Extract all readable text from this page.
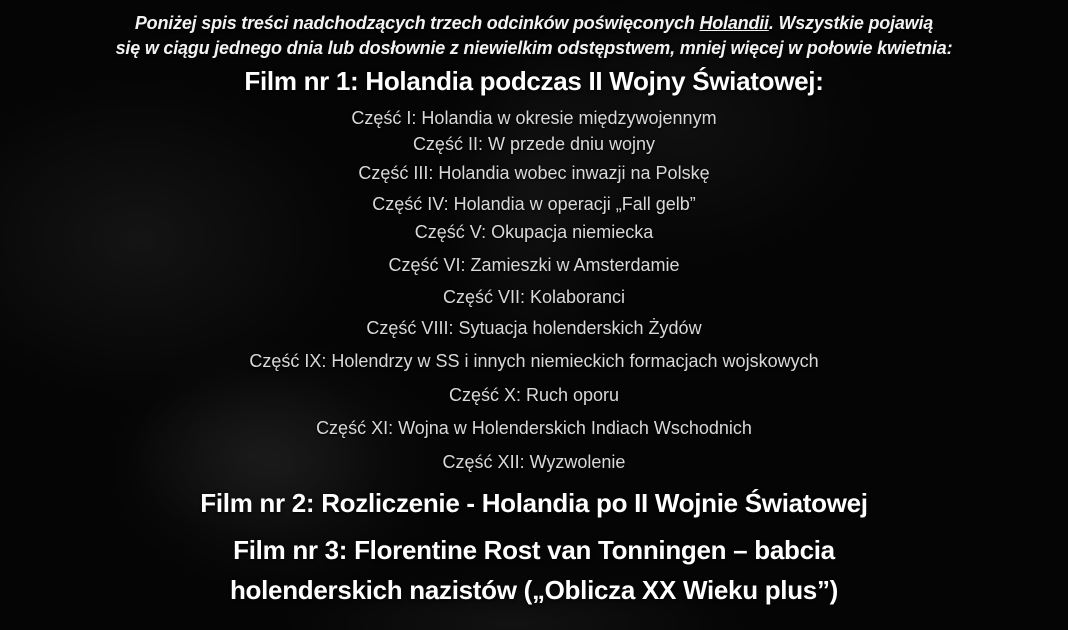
Poniżej spis treści nadchodzących trzech odcinków poświęconych Holandii. Wszystkie pojawią
się w ciągu jednego dnia lub dosłownie z niewielkim odstępstwem, mniej więcej w połowie kwietnia:
Film nr 1: Holandia podczas II Wojny Światowej:
Część I: Holandia w okresie międzywojennym
Część II: W przede dniu wojny
Część III: Holandia wobec inwazji na Polskę
Część IV: Holandia w operacji „Fall gelb”
Część V: Okupacja niemiecka
Część VI: Zamieszki w Amsterdamie
Część VII: Kolaboranci
Część VIII: Sytuacja holenderskich Żydów
Część IX: Holendrzy w SS i innych niemieckich formacjach wojskowych
Część X: Ruch oporu
Część XI: Wojna w Holenderskich Indiach Wschodnich
Część XII: Wyzwolenie
Film nr 2: Rozliczenie - Holandia po II Wojnie Światowej
Film nr 3: Florentine Rost van Tonningen – babcia
holenderskich nazistów („Oblicza XX Wieku plus”)
